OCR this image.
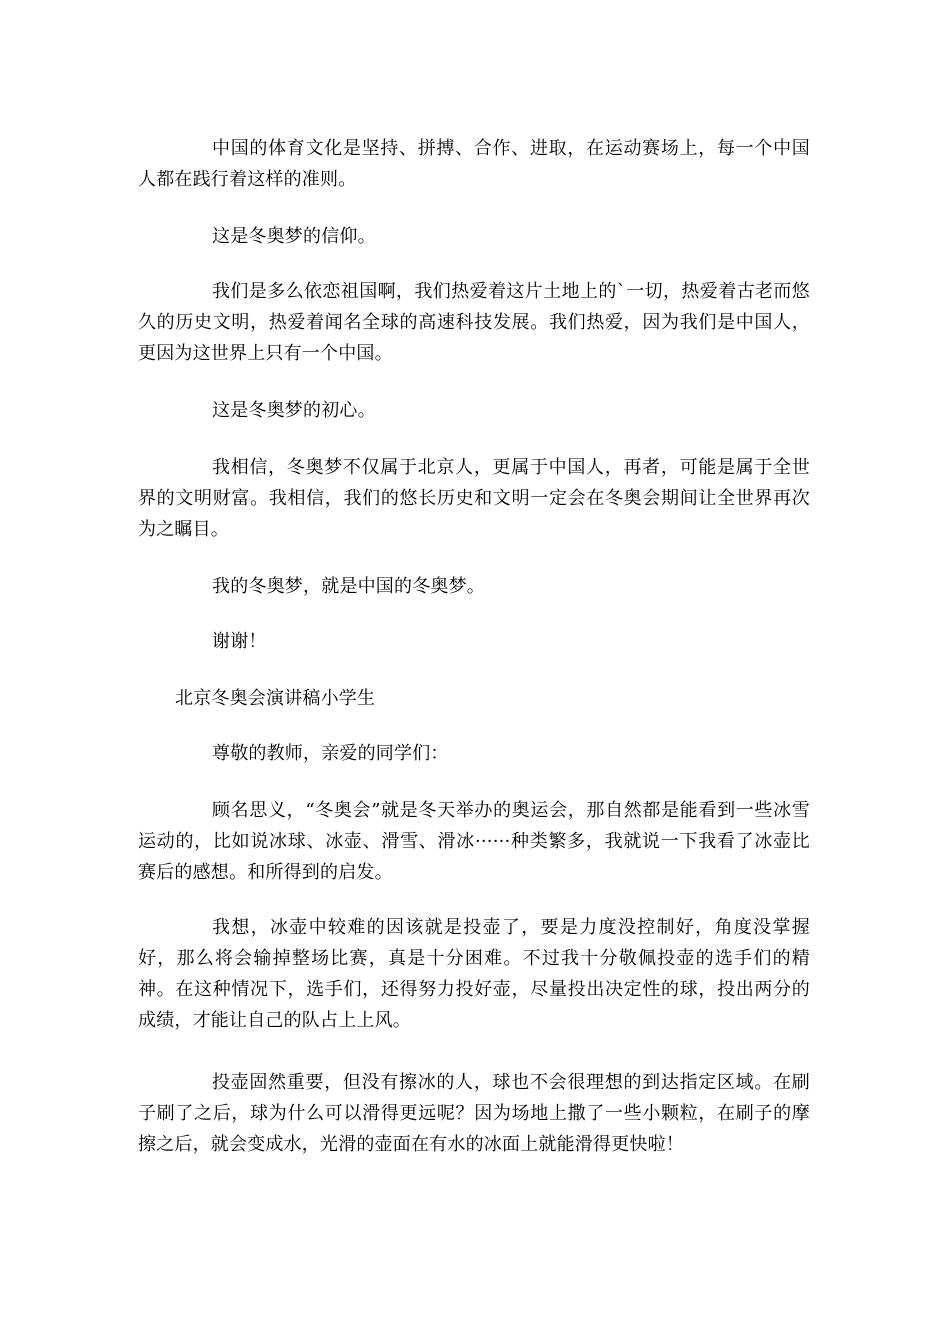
中国的体育文化是坚持、拼搏、合作、进取，在运动赛场上，每一个中国人都在践行着这样的准则。

这是冬奥梦的信仰。

我们是多么依恋祖国啊，我们热爱着这片土地上的`一切，热爱着古老而悠久的历史文明，热爱着闻名全球的高速科技发展。我们热爱，因为我们是中国人，更因为这世界上只有一个中国。

这是冬奥梦的初心。

我相信，冬奥梦不仅属于北京人，更属于中国人，再者，可能是属于全世界的文明财富。我相信，我们的悠长历史和文明一定会在冬奥会期间让全世界再次为之瞩目。

我的冬奥梦，就是中国的冬奥梦。

谢谢！

北京冬奥会演讲稿小学生

尊敬的教师，亲爱的同学们：

顾名思义，“冬奥会”就是冬天举办的奥运会，那自然都是能看到一些冰雪运动的，比如说冰球、冰壶、滑雪、滑冰······种类繁多，我就说一下我看了冰壶比赛后的感想。和所得到的启发。

我想，冰壶中较难的因该就是投壶了，要是力度没控制好，角度没掌握好，那么将会输掉整场比赛，真是十分困难。不过我十分敬佩投壶的选手们的精神。在这种情况下，选手们，还得努力投好壶，尽量投出决定性的球，投出两分的成绩，才能让自己的队占上上风。

投壶固然重要，但没有擦冰的人，球也不会很理想的到达指定区域。在刷子刷了之后，球为什么可以滑得更远呢？因为场地上撒了一些小颗粒，在刷子的摩擦之后，就会变成水，光滑的壶面在有水的冰面上就能滑得更快啦！
